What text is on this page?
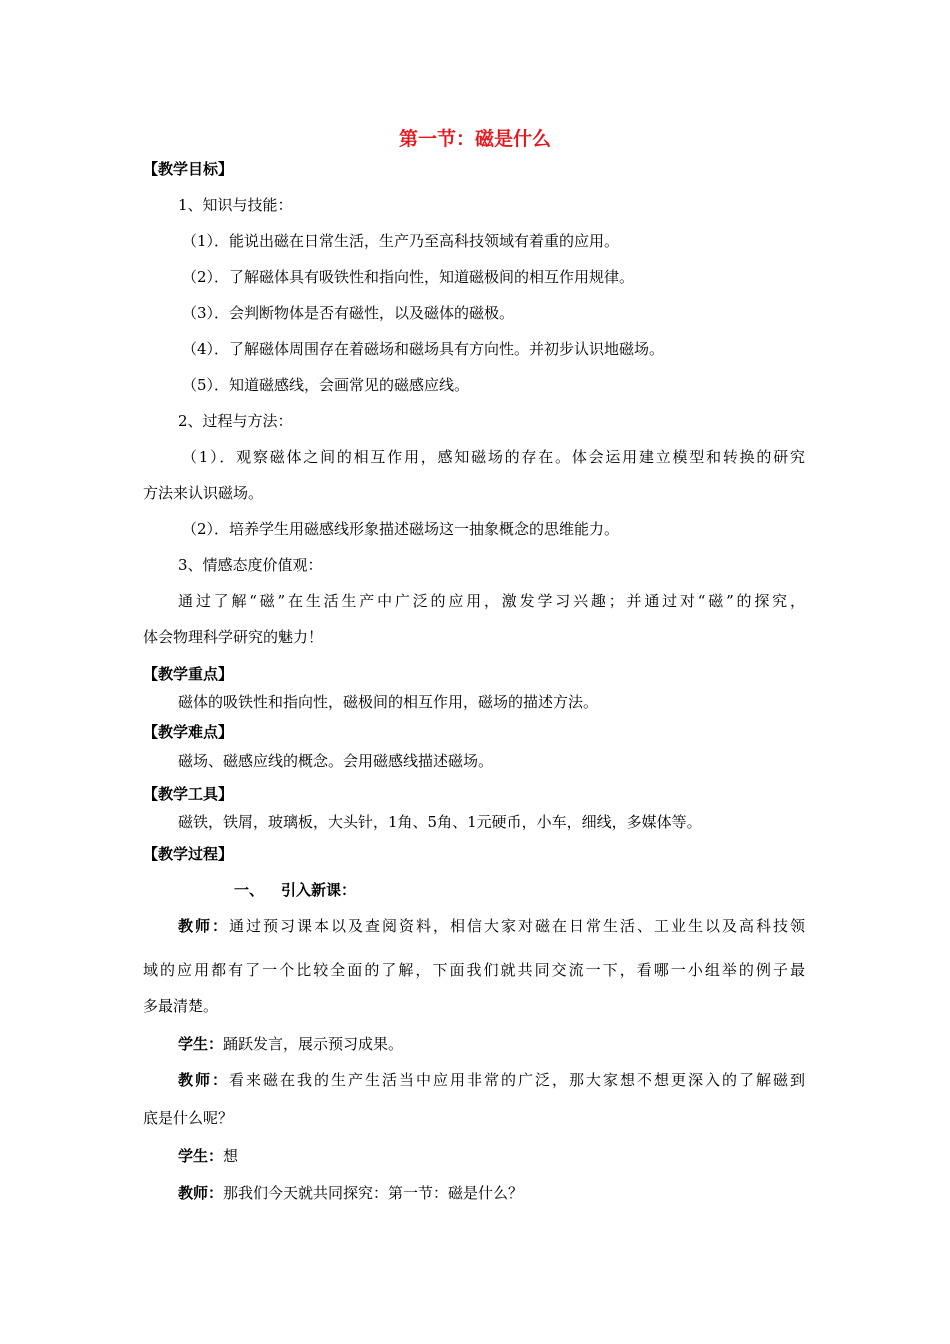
第一节：磁是什么
【教学目标】
1、知识与技能：
（1）．能说出磁在日常生活，生产乃至高科技领域有着重的应用。
（2）．了解磁体具有吸铁性和指向性，知道磁极间的相互作用规律。
（3）．会判断物体是否有磁性，以及磁体的磁极。
（4）．了解磁体周围存在着磁场和磁场具有方向性。并初步认识地磁场。
（5）．知道磁感线，会画常见的磁感应线。
2、过程与方法：
（1）．观察磁体之间的相互作用，感知磁场的存在。体会运用建立模型和转换的研究
方法来认识磁场。
（2）．培养学生用磁感线形象描述磁场这一抽象概念的思维能力。
3、情感态度价值观：
通过了解“磁”在生活生产中广泛的应用，激发学习兴趣；并通过对“磁”的探究，
体会物理科学研究的魅力！
【教学重点】
磁体的吸铁性和指向性，磁极间的相互作用，磁场的描述方法。
【教学难点】
磁场、磁感应线的概念。会用磁感线描述磁场。
【教学工具】
磁铁，铁屑，玻璃板，大头针，1角、5角、1元硬币，小车，细线，多媒体等。
【教学过程】
一、 引入新课：
教师：通过预习课本以及查阅资料，相信大家对磁在日常生活、工业生以及高科技领
域的应用都有了一个比较全面的了解，下面我们就共同交流一下，看哪一小组举的例子最
多最清楚。
学生：踊跃发言，展示预习成果。
教师：看来磁在我的生产生活当中应用非常的广泛，那大家想不想更深入的了解磁到
底是什么呢？
学生：想
教师：那我们今天就共同探究：第一节：磁是什么？
